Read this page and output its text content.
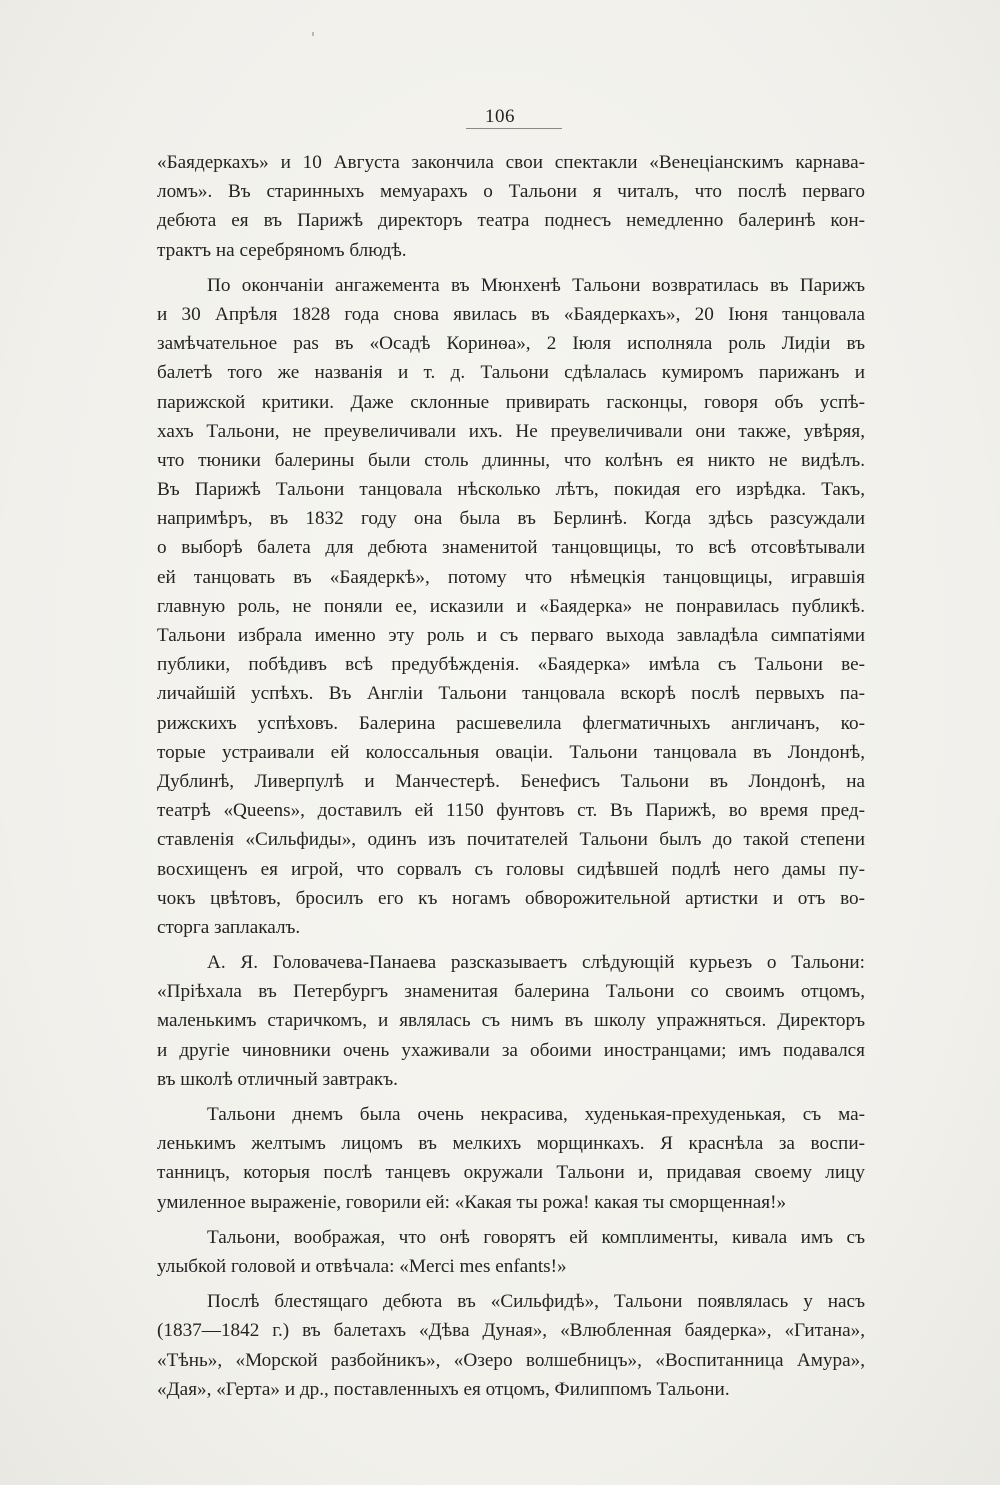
106
«Баядеркахъ» и 10 Августа закончила свои спектакли «Венеціанскимъ карнава-
ломъ». Въ старинныхъ мемуарахъ о Тальони я читалъ, что послѣ перваго
дебюта ея въ Парижѣ директоръ театра поднесъ немедленно балеринѣ кон-
трактъ на серебряномъ блюдѣ.
По окончаніи ангажемента въ Мюнхенѣ Тальони возвратилась въ Парижъ
и 30 Апрѣля 1828 года снова явилась въ «Баядеркахъ», 20 Іюня танцовала
замѣчательное pas въ «Осадѣ Коринѳа», 2 Іюля исполняла роль Лидіи въ
балетѣ того же названія и т. д. Тальони сдѣлалась кумиромъ парижанъ и
парижской критики. Даже склонные привирать гасконцы, говоря объ успѣ-
хахъ Тальони, не преувеличивали ихъ. Не преувеличивали они также, увѣряя,
что тюники балерины были столь длинны, что колѣнъ ея никто не видѣлъ.
Въ Парижѣ Тальони танцовала нѣсколько лѣтъ, покидая его изрѣдка. Такъ,
напримѣръ, въ 1832 году она была въ Берлинѣ. Когда здѣсь разсуждали
о выборѣ балета для дебюта знаменитой танцовщицы, то всѣ отсовѣтывали
ей танцовать въ «Баядеркѣ», потому что нѣмецкія танцовщицы, игравшія
главную роль, не поняли ее, исказили и «Баядерка» не понравилась публикѣ.
Тальони избрала именно эту роль и съ перваго выхода завладѣла симпатіями
публики, побѣдивъ всѣ предубѣжденія. «Баядерка» имѣла съ Тальони ве-
личайшій успѣхъ. Въ Англіи Тальони танцовала вскорѣ послѣ первыхъ па-
рижскихъ успѣховъ. Балерина расшевелила флегматичныхъ англичанъ, ко-
торые устраивали ей колоссальныя оваціи. Тальони танцовала въ Лондонѣ,
Дублинѣ, Ливерпулѣ и Манчестерѣ. Бенефисъ Тальони въ Лондонѣ, на
театрѣ «Queens», доставилъ ей 1150 фунтовъ ст. Въ Парижѣ, во время пред-
ставленія «Сильфиды», одинъ изъ почитателей Тальони былъ до такой степени
восхищенъ ея игрой, что сорвалъ съ головы сидѣвшей подлѣ него дамы пу-
чокъ цвѣтовъ, бросилъ его къ ногамъ обворожительной артистки и отъ во-
сторга заплакалъ.
А. Я. Головачева-Панаева разсказываетъ слѣдующій курьезъ о Тальони:
«Пріѣхала въ Петербургъ знаменитая балерина Тальони со своимъ отцомъ,
маленькимъ старичкомъ, и являлась съ нимъ въ школу упражняться. Директоръ
и другіе чиновники очень ухаживали за обоими иностранцами; имъ подавался
въ школѣ отличный завтракъ.
Тальони днемъ была очень некрасива, худенькая-прехуденькая, съ ма-
ленькимъ желтымъ лицомъ въ мелкихъ морщинкахъ. Я краснѣла за воспи-
танницъ, которыя послѣ танцевъ окружали Тальони и, придавая своему лицу
умиленное выраженіе, говорили ей: «Какая ты рожа! какая ты сморщенная!»
Тальони, воображая, что онѣ говорятъ ей комплименты, кивала имъ съ
улыбкой головой и отвѣчала: «Merci mes enfants!»
Послѣ блестящаго дебюта въ «Сильфидѣ», Тальони появлялась у насъ
(1837—1842 г.) въ балетахъ «Дѣва Дуная», «Влюбленная баядерка», «Гитана»,
«Тѣнь», «Морской разбойникъ», «Озеро волшебницъ», «Воспитанница Амура»,
«Дая», «Герта» и др., поставленныхъ ея отцомъ, Филиппомъ Тальони.
